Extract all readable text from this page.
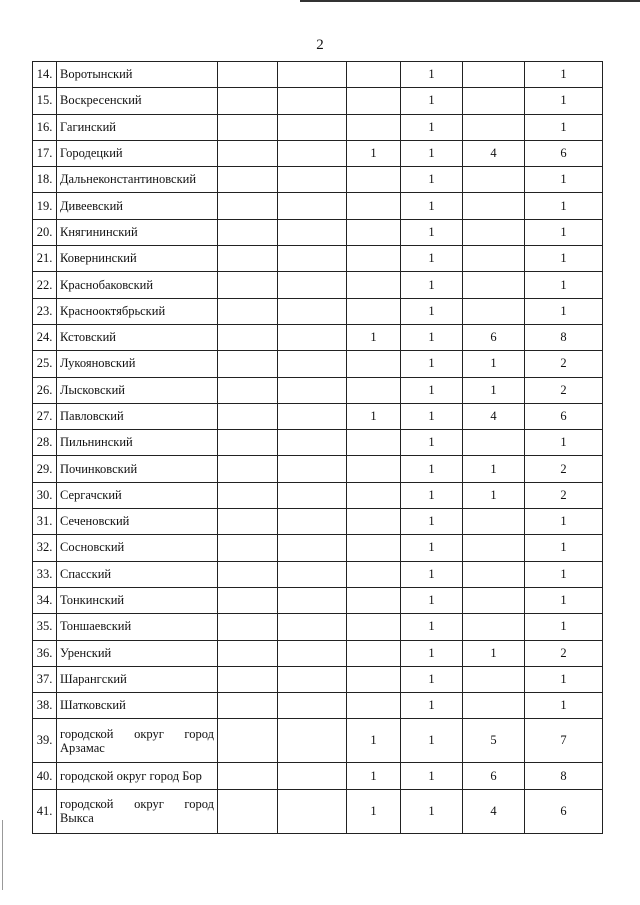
2
14.	Воротынский				1		1
15.	Воскресенский				1		1
16.	Гагинский				1		1
17.	Городецкий			1	1	4	6
18.	Дальнеконстантиновский				1		1
19.	Дивеевский				1		1
20.	Княгининский				1		1
21.	Ковернинский				1		1
22.	Краснобаковский				1		1
23.	Краснооктябрьский				1		1
24.	Кстовский			1	1	6	8
25.	Лукояновский				1	1	2
26.	Лысковский				1	1	2
27.	Павловский			1	1	4	6
28.	Пильнинский				1		1
29.	Починковский				1	1	2
30.	Сергачский				1	1	2
31.	Сеченовский				1		1
32.	Сосновский				1		1
33.	Спасский				1		1
34.	Тонкинский				1		1
35.	Тоншаевский				1		1
36.	Уренский				1	1	2
37.	Шарангский				1		1
38.	Шатковский				1		1
39.	городской округ город Арзамас			1	1	5	7
40.	городской округ город Бор			1	1	6	8
41.	городской округ город Выкса			1	1	4	6
